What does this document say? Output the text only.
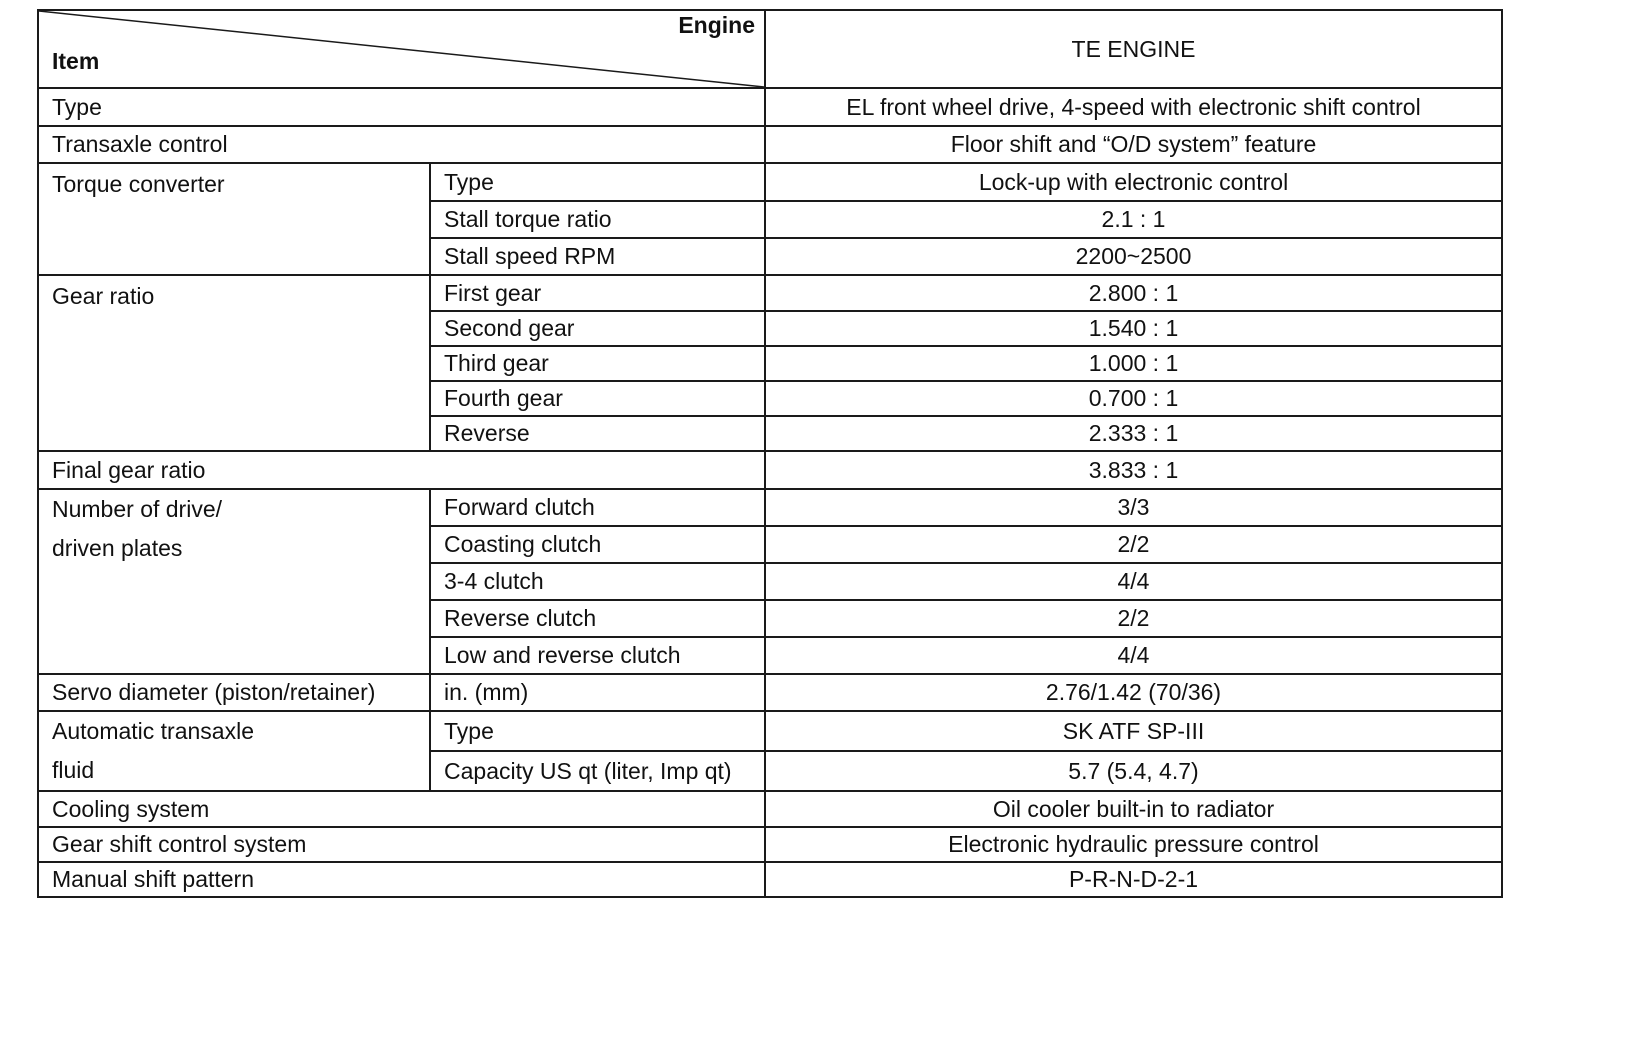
Engine
Item		TE ENGINE
Type		EL front wheel drive, 4-speed with electronic shift control
Transaxle control		Floor shift and “O/D system” feature
Torque converter	Type	Lock-up with electronic control
	Stall torque ratio	2.1 : 1
	Stall speed RPM	2200~2500
Gear ratio	First gear	2.800 : 1
	Second gear	1.540 : 1
	Third gear	1.000 : 1
	Fourth gear	0.700 : 1
	Reverse	2.333 : 1
Final gear ratio		3.833 : 1

Number of drive/
driven plates	Forward clutch	3/3
	Coasting clutch	2/2
	3-4 clutch	4/4
	Reverse clutch	2/2
	Low and reverse clutch	4/4
Servo diameter (piston/retainer)	in. (mm)	2.76/1.42 (70/36)

Automatic transaxle
fluid	Type	SK ATF SP-III
	Capacity US qt (liter, Imp qt)	5.7 (5.4, 4.7)
Cooling system		Oil cooler built-in to radiator
Gear shift control system		Electronic hydraulic pressure control
Manual shift pattern		P-R-N-D-2-1
